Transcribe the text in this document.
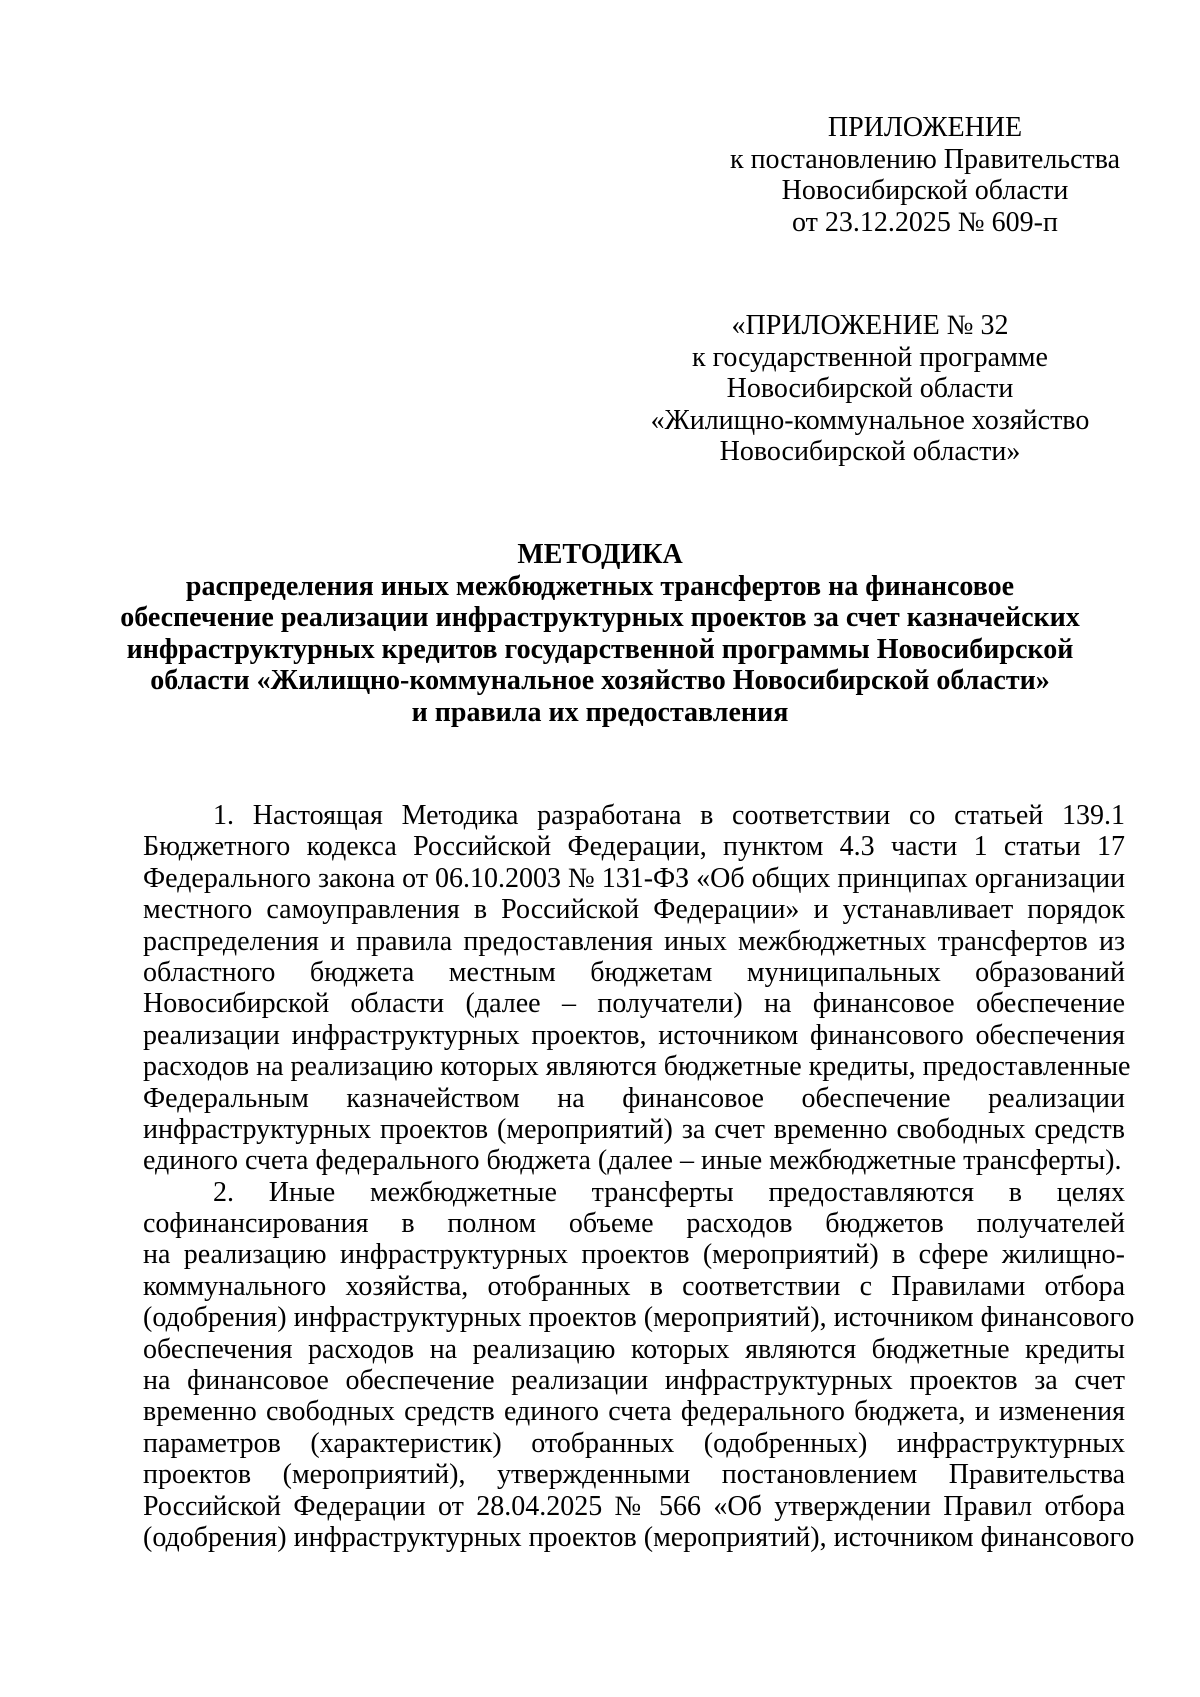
ПРИЛОЖЕНИЕ
к постановлению Правительства
Новосибирской области
от 23.12.2025 № 609-п
«ПРИЛОЖЕНИЕ № 32
к государственной программе
Новосибирской области
«Жилищно-коммунальное хозяйство
Новосибирской области»
МЕТОДИКА
распределения иных межбюджетных трансфертов на финансовое
обеспечение реализации инфраструктурных проектов за счет казначейских
инфраструктурных кредитов государственной программы Новосибирской
области «Жилищно-коммунальное хозяйство Новосибирской области»
и правила их предоставления
1. Настоящая Методика разработана в соответствии со статьей 139.1
Бюджетного кодекса Российской Федерации, пунктом 4.3 части 1 статьи 17
Федерального закона от 06.10.2003 № 131-ФЗ «Об общих принципах организации
местного самоуправления в Российской Федерации» и устанавливает порядок
распределения и правила предоставления иных межбюджетных трансфертов из
областного бюджета местным бюджетам муниципальных образований
Новосибирской области (далее – получатели) на финансовое обеспечение
реализации инфраструктурных проектов, источником финансового обеспечения
расходов на реализацию которых являются бюджетные кредиты, предоставленные
Федеральным казначейством на финансовое обеспечение реализации
инфраструктурных проектов (мероприятий) за счет временно свободных средств
единого счета федерального бюджета (далее – иные межбюджетные трансферты).
2. Иные межбюджетные трансферты предоставляются в целях
софинансирования в полном объеме расходов бюджетов получателей
на реализацию инфраструктурных проектов (мероприятий) в сфере жилищно-
коммунального хозяйства, отобранных в соответствии с Правилами отбора
(одобрения) инфраструктурных проектов (мероприятий), источником финансового
обеспечения расходов на реализацию которых являются бюджетные кредиты
на финансовое обеспечение реализации инфраструктурных проектов за счет
временно свободных средств единого счета федерального бюджета, и изменения
параметров (характеристик) отобранных (одобренных) инфраструктурных
проектов (мероприятий), утвержденными постановлением Правительства
Российской Федерации от 28.04.2025 № 566 «Об утверждении Правил отбора
(одобрения) инфраструктурных проектов (мероприятий), источником финансового
